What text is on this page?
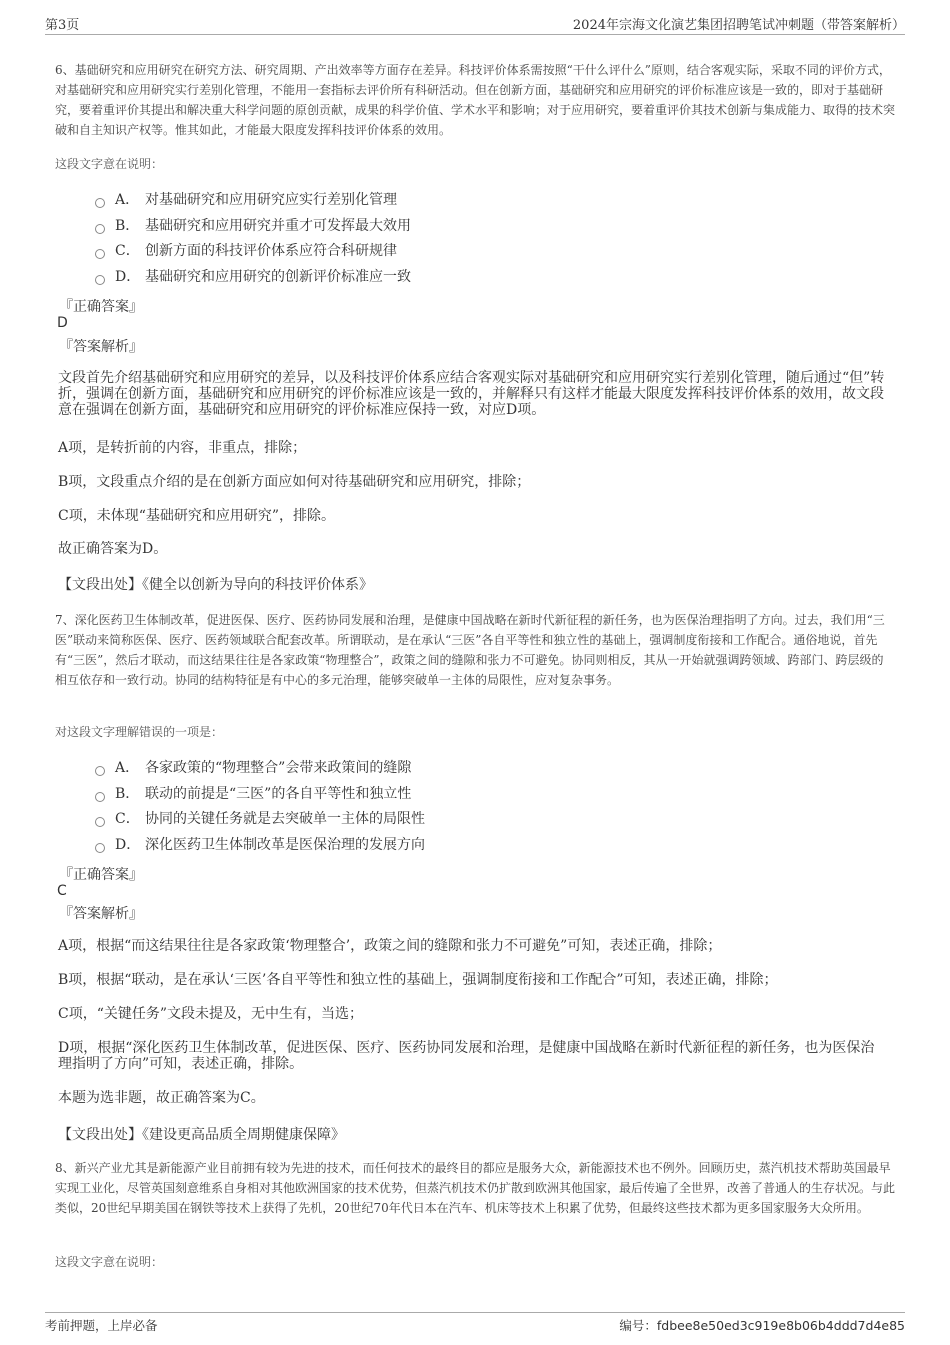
第3页	2024年宗海文化演艺集团招聘笔试冲刺题（带答案解析）

6、基础研究和应用研究在研究方法、研究周期、产出效率等方面存在差异。科技评价体系需按照“干什么评什么”原则，结合客观实际，采取不同的评价方式，对基础研究和应用研究实行差别化管理，不能用一套指标去评价所有科研活动。但在创新方面，基础研究和应用研究的评价标准应该是一致的，即对于基础研究，要着重评价其提出和解决重大科学问题的原创贡献，成果的科学价值、学术水平和影响；对于应用研究，要着重评价其技术创新与集成能力、取得的技术突破和自主知识产权等。惟其如此，才能最大限度发挥科技评价体系的效用。

这段文字意在说明：

A． 对基础研究和应用研究应实行差别化管理
B． 基础研究和应用研究并重才可发挥最大效用
C． 创新方面的科技评价体系应符合科研规律
D． 基础研究和应用研究的创新评价标准应一致

『正确答案』

D

『答案解析』

文段首先介绍基础研究和应用研究的差异，以及科技评价体系应结合客观实际对基础研究和应用研究实行差别化管理，随后通过“但”转折，强调在创新方面，基础研究和应用研究的评价标准应该是一致的，并解释只有这样才能最大限度发挥科技评价体系的效用，故文段意在强调在创新方面，基础研究和应用研究的评价标准应保持一致，对应D项。

A项，是转折前的内容，非重点，排除；

B项，文段重点介绍的是在创新方面应如何对待基础研究和应用研究，排除；

C项，未体现“基础研究和应用研究”，排除。

故正确答案为D。

【文段出处】《健全以创新为导向的科技评价体系》

7、深化医药卫生体制改革，促进医保、医疗、医药协同发展和治理，是健康中国战略在新时代新征程的新任务，也为医保治理指明了方向。过去，我们用“三医”联动来简称医保、医疗、医药领域联合配套改革。所谓联动，是在承认“三医”各自平等性和独立性的基础上，强调制度衔接和工作配合。通俗地说，首先有“三医”，然后才联动，而这结果往往是各家政策“物理整合”，政策之间的缝隙和张力不可避免。协同则相反，其从一开始就强调跨领域、跨部门、跨层级的相互依存和一致行动。协同的结构特征是有中心的多元治理，能够突破单一主体的局限性，应对复杂事务。

对这段文字理解错误的一项是：

A． 各家政策的“物理整合”会带来政策间的缝隙
B． 联动的前提是“三医”的各自平等性和独立性
C． 协同的关键任务就是去突破单一主体的局限性
D． 深化医药卫生体制改革是医保治理的发展方向

『正确答案』

C

『答案解析』

A项，根据“而这结果往往是各家政策‘物理整合’，政策之间的缝隙和张力不可避免”可知，表述正确，排除；

B项，根据“联动，是在承认‘三医’各自平等性和独立性的基础上，强调制度衔接和工作配合”可知，表述正确，排除；

C项，“关键任务”文段未提及，无中生有，当选；

D项，根据“深化医药卫生体制改革，促进医保、医疗、医药协同发展和治理，是健康中国战略在新时代新征程的新任务，也为医保治理指明了方向”可知，表述正确，排除。

本题为选非题，故正确答案为C。

【文段出处】《建设更高品质全周期健康保障》

8、新兴产业尤其是新能源产业目前拥有较为先进的技术，而任何技术的最终目的都应是服务大众，新能源技术也不例外。回顾历史，蒸汽机技术帮助英国最早实现工业化，尽管英国刻意维系自身相对其他欧洲国家的技术优势，但蒸汽机技术仍扩散到欧洲其他国家，最后传遍了全世界，改善了普通人的生存状况。与此类似，20世纪早期美国在钢铁等技术上获得了先机，20世纪70年代日本在汽车、机床等技术上积累了优势，但最终这些技术都为更多国家服务大众所用。

这段文字意在说明：

考前押题，上岸必备	编号：fdbee8e50ed3c919e8b06b4ddd7d4e85
